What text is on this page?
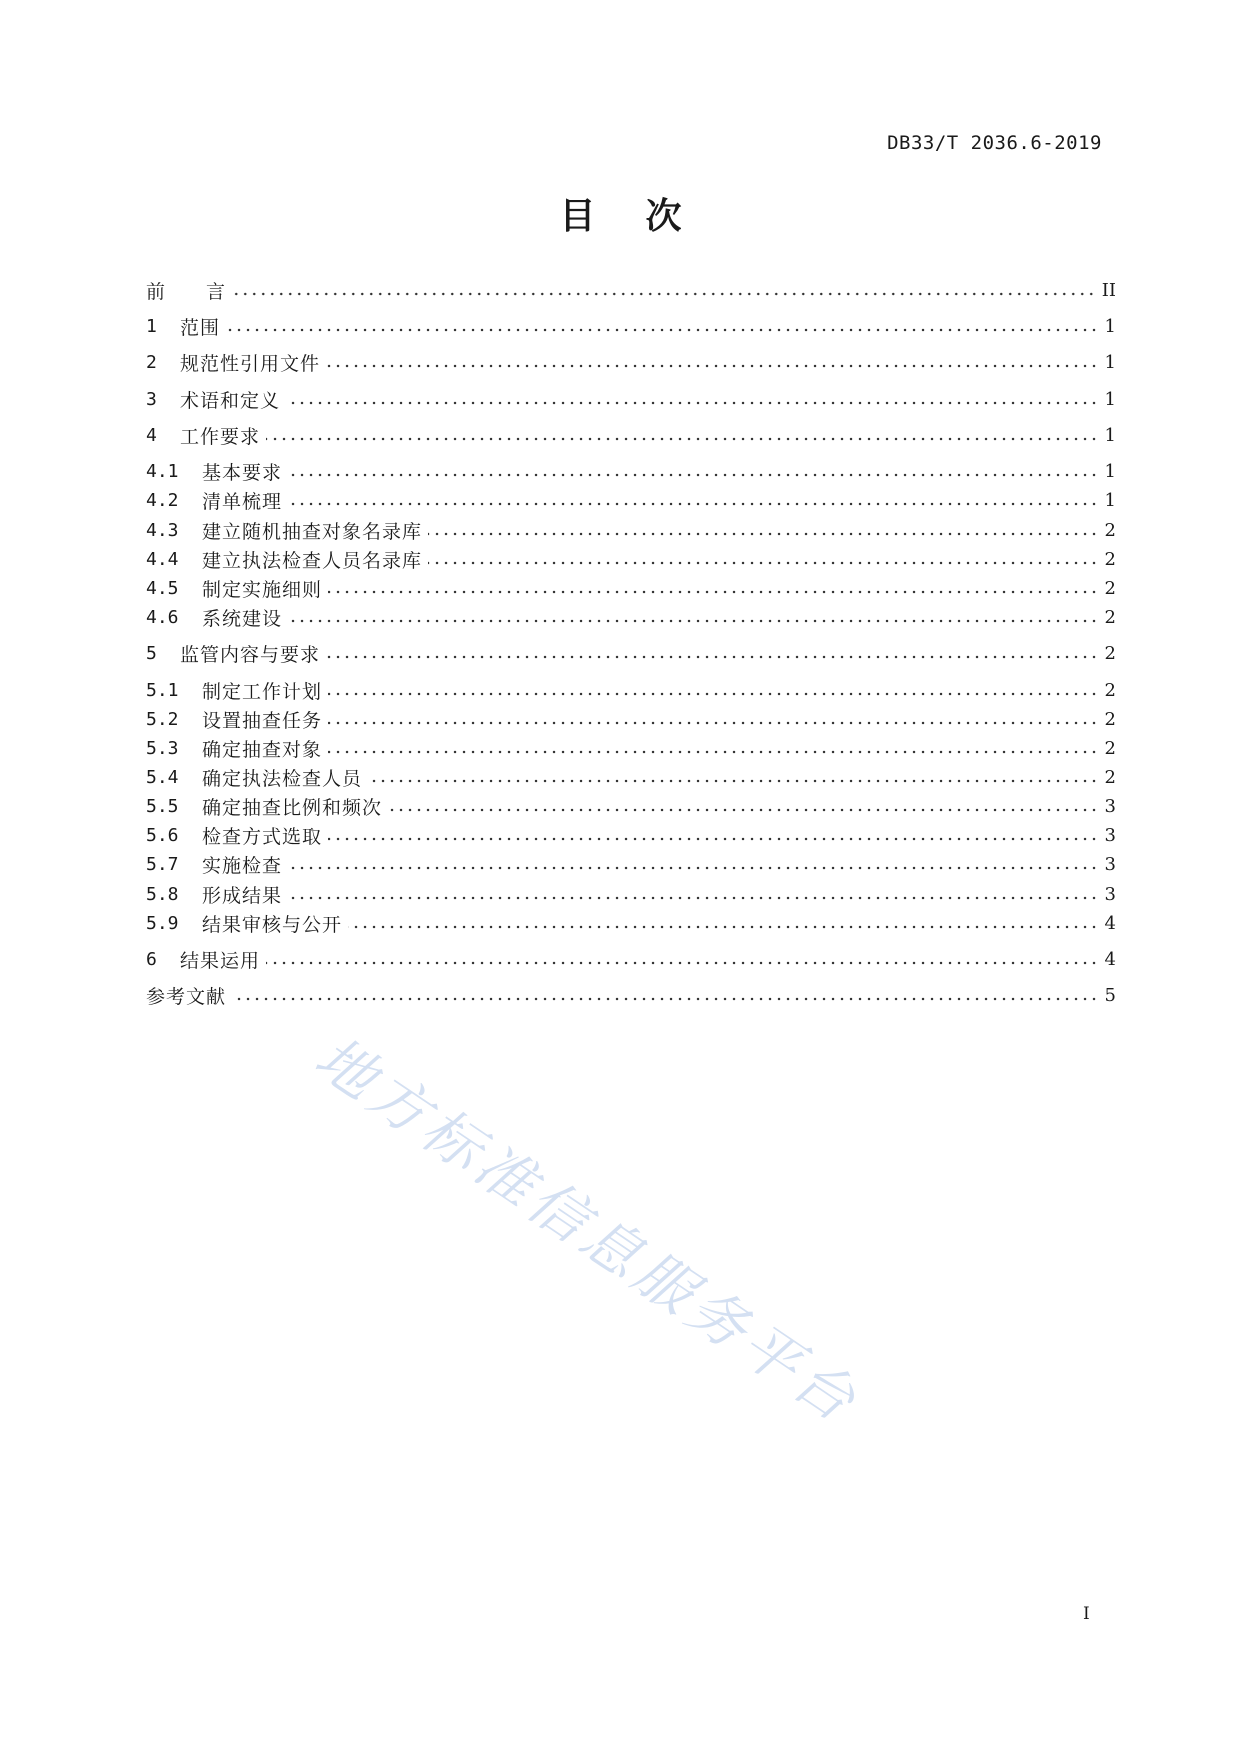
DB33/T 2036.6-2019
目次
前　　言	II
1	范围	1
2	规范性引用文件	1
3	术语和定义	1
4	工作要求	1
4.1	基本要求	1
4.2	清单梳理	1
4.3	建立随机抽查对象名录库	2
4.4	建立执法检查人员名录库	2
4.5	制定实施细则	2
4.6	系统建设	2
5	监管内容与要求	2
5.1	制定工作计划	2
5.2	设置抽查任务	2
5.3	确定抽查对象	2
5.4	确定执法检查人员	2
5.5	确定抽查比例和频次	3
5.6	检查方式选取	3
5.7	实施检查	3
5.8	形成结果	3
5.9	结果审核与公开	4
6	结果运用	4
参考文献	5
地方标准信息服务平台
I
